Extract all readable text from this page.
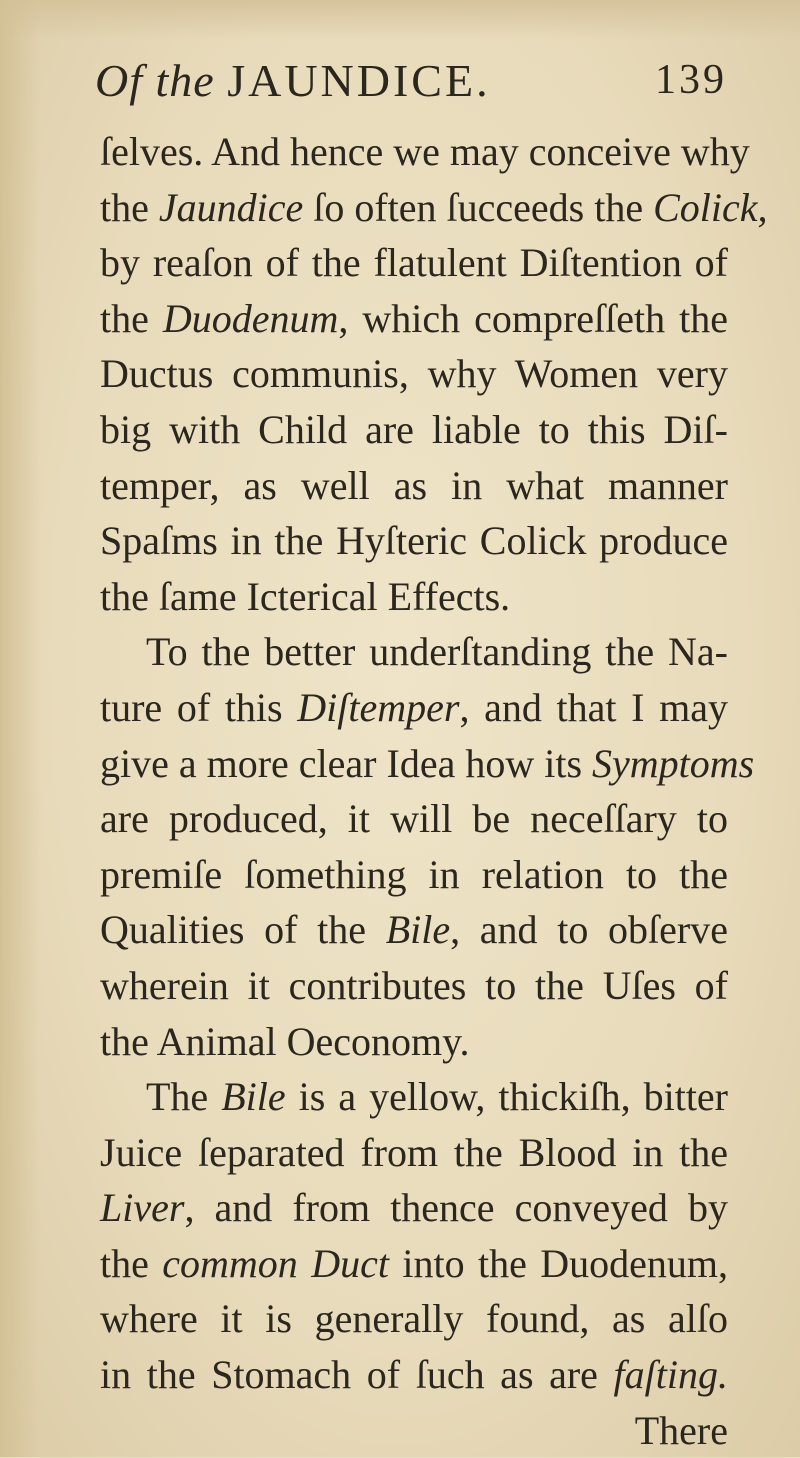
Of the JAUNDICE.	139
ſelves. And hence we may conceive why
the Jaundice ſo often ſucceeds the Colick,
by reaſon of the flatulent Diſtention of
the Duodenum, which compreſſeth the
Ductus communis, why Women very
big with Child are liable to this Diſ-
temper, as well as in what manner
Spaſms in the Hyſteric Colick produce
the ſame Icterical Effects.
To the better underſtanding the Na-
ture of this Diſtemper, and that I may
give a more clear Idea how its Symptoms
are produced, it will be neceſſary to
premiſe ſomething in relation to the
Qualities of the Bile, and to obſerve
wherein it contributes to the Uſes of
the Animal Oeconomy.
The Bile is a yellow, thickiſh, bitter
Juice ſeparated from the Blood in the
Liver, and from thence conveyed by
the common Duct into the Duodenum,
where it is generally found, as alſo
in the Stomach of ſuch as are faſting.
There
